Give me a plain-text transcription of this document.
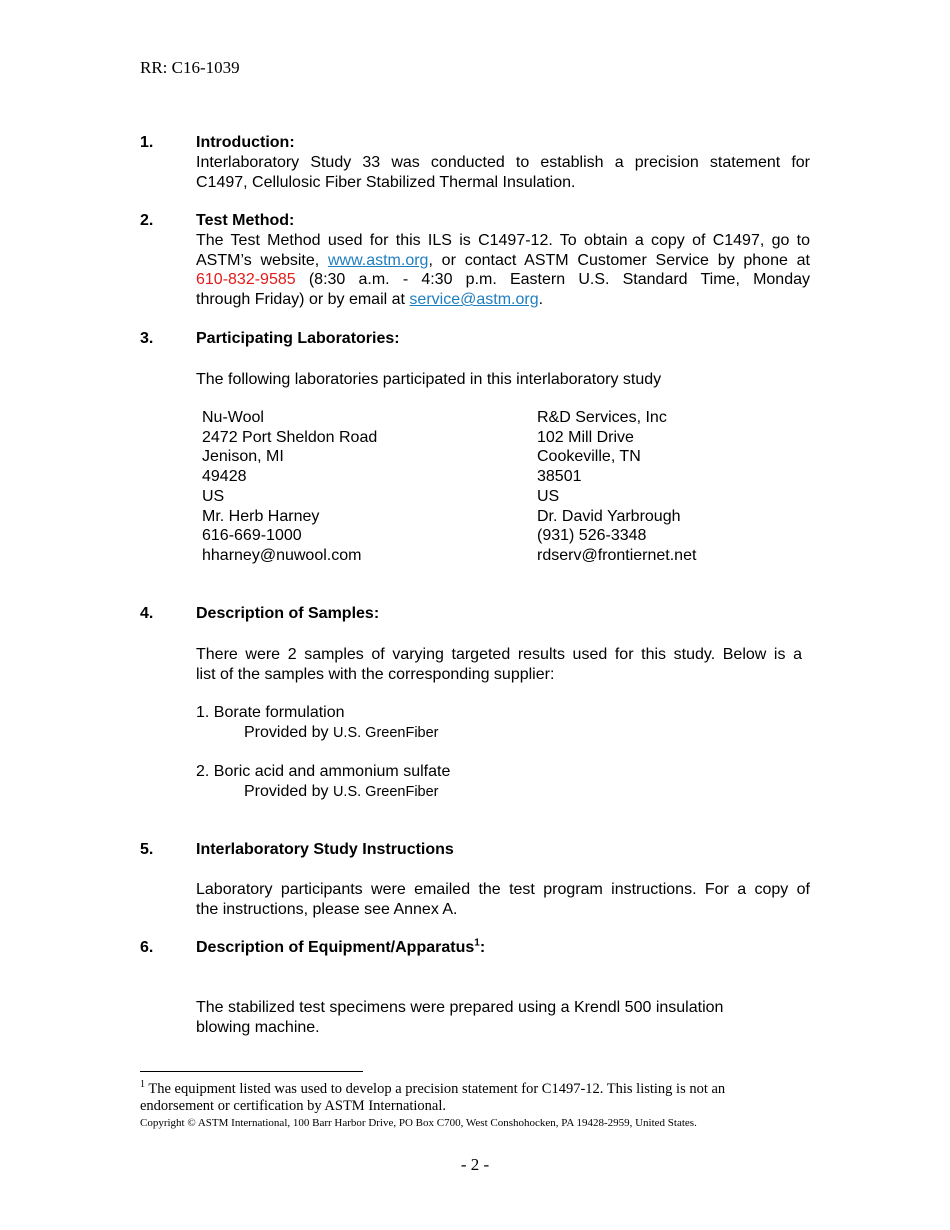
RR: C16-1039
1.	Introduction:
Interlaboratory Study 33 was conducted to establish a precision statement for
C1497, Cellulosic Fiber Stabilized Thermal Insulation.
2.	Test Method:
The Test Method used for this ILS is C1497-12. To obtain a copy of C1497, go to
ASTM’s website, www.astm.org, or contact ASTM Customer Service by phone at
610-832-9585 (8:30 a.m. - 4:30 p.m. Eastern U.S. Standard Time, Monday
through Friday) or by email at service@astm.org.
3.	Participating Laboratories:
The following laboratories participated in this interlaboratory study
Nu-Wool
2472 Port Sheldon Road
Jenison, MI
49428
US
Mr. Herb Harney
616-669-1000
hharney@nuwool.com
R&D Services, Inc
102 Mill Drive
Cookeville, TN
38501
US
Dr. David Yarbrough
(931) 526-3348
rdserv@frontiernet.net
4.	Description of Samples:
There were 2 samples of varying targeted results used for this study. Below is a
list of the samples with the corresponding supplier:
1. Borate formulation
Provided by U.S. GreenFiber
2. Boric acid and ammonium sulfate
Provided by U.S. GreenFiber
5.	Interlaboratory Study Instructions
Laboratory participants were emailed the test program instructions. For a copy of
the instructions, please see Annex A.
6.	Description of Equipment/Apparatus$^1$:
The stabilized test specimens were prepared using a Krendl 500 insulation
blowing machine.
$^1$ The equipment listed was used to develop a precision statement for C1497-12. This listing is not an endorsement or certification by ASTM International.
Copyright © ASTM International, 100 Barr Harbor Drive, PO Box C700, West Conshohocken, PA 19428-2959, United States.
- 2 -
